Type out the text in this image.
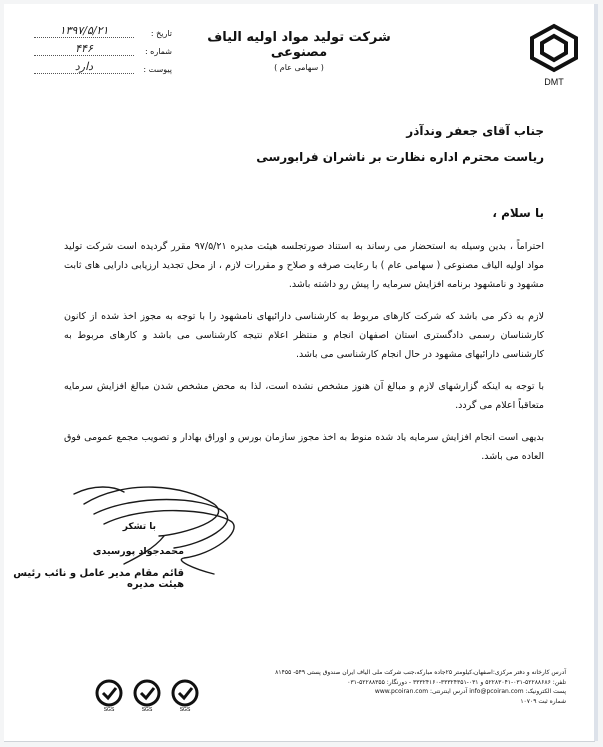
DMT
شرکت تولید مواد اولیه الیاف مصنوعی
( سهامی عام )
تاریخ :
۱۳۹۷/۵/۲۱
شماره :
۴۴۶
پیوست :
دارد
جناب آقای جعفر وندآذر
ریاست محترم اداره نظارت بر ناشران فرابورسی
با سلام ،

احتراماً ، بدین وسیله به استحضار می رساند به استناد صورتجلسه هیئت مدیره ۹۷/۵/۲۱ مقرر گردیده است شرکت تولید مواد اولیه الیاف مصنوعی ( سهامی عام ) با رعایت صرفه و صلاح و مقررات لازم ، از محل تجدید ارزیابی دارایی های ثابت مشهود و نامشهود برنامه افزایش سرمایه را پیش رو داشته باشد.

لازم به ذکر می باشد که شرکت کارهای مربوط به کارشناسی دارائیهای نامشهود را با توجه به مجوز اخذ شده از کانون کارشناسان رسمی دادگستری استان اصفهان انجام و منتظر اعلام نتیجه کارشناسی می باشد و کارهای مربوط به کارشناسی دارائیهای مشهود در حال انجام کارشناسی می باشد.

با توجه به اینکه گزارشهای لازم و مبالغ آن هنوز مشخص نشده است، لذا به محض مشخص شدن مبالغ افزایش سرمایه متعاقباً اعلام می گردد.

بدیهی است انجام افزایش سرمایه یاد شده منوط به اخذ مجوز سازمان بورس و اوراق بهادار و تصویب مجمع عمومی فوق العاده می باشد.

با تشکر
محمدجواد پورسیدی
قائم مقام مدیر عامل و نائب رئیس هیئت مدیره
آدرس کارخانه و دفتر مرکزی:اصفهان،کیلومتر ۲۵جاده مبارکه،جنب شرکت ملی الیاف ایران صندوق پستی ۵۴۹- ۸۱۴۵۵
تلفن: ۵۲۲۸۸۶۸۶-۰۳۱-۵۲۲۸۳۰۴۱ و ۰۳۱-۳۳۳۲۴۳۵۱-۳۳۳۲۴۱۶۰ - دورنگار: ۵۲۲۸۸۳۵۵-۰۳۱
پست الکترونیک: info@pcoiran.com آدرس اینترنتی: www.pcoiran.com
شماره ثبت ۱۰۷۰۹
SGS	SGS	SGS
